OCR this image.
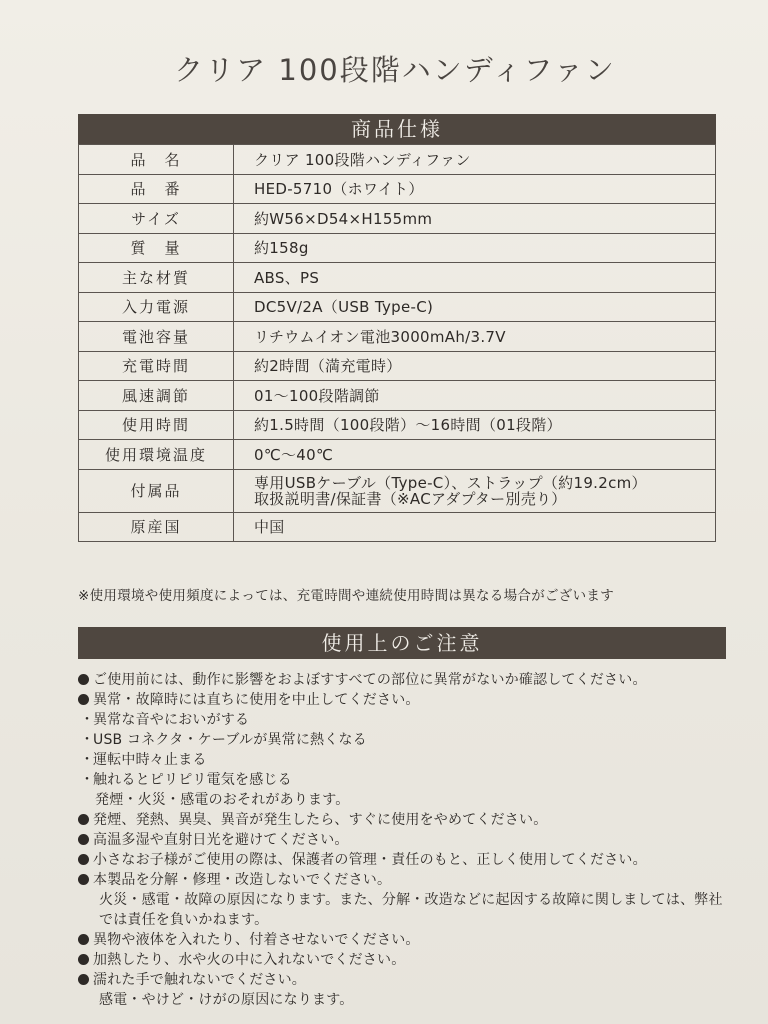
クリア 100段階ハンディファン
商品仕様
品　名	クリア 100段階ハンディファン
品　番	HED-5710（ホワイト）
サイズ	約W56×D54×H155mm
質　量	約158g
主な材質	ABS、PS
入力電源	DC5V/2A（USB Type-C)
電池容量	リチウムイオン電池3000mAh/3.7V
充電時間	約2時間（満充電時）
風速調節	01〜100段階調節
使用時間	約1.5時間（100段階）〜16時間（01段階）
使用環境温度	0℃〜40℃
付属品	専用USBケーブル（Type-C）、ストラップ（約19.2cm）
取扱説明書/保証書（※ACアダプター別売り）

原産国	中国
※使用環境や使用頻度によっては、充電時間や連続使用時間は異なる場合がございます
使用上のご注意
ご使用前には、動作に影響をおよぼすすべての部位に異常がないか確認してください。
異常・故障時には直ちに使用を中止してください。
・
異常な音やにおいがする
・
USB コネクタ・ケーブルが異常に熱くなる
・
運転中時々止まる
・
触れるとピリピリ電気を感じる
発煙・火災・感電のおそれがあります。
発煙、発熱、異臭、異音が発生したら、すぐに使用をやめてください。
高温多湿や直射日光を避けてください。
小さなお子様がご使用の際は、保護者の管理・責任のもと、正しく使用してください。
本製品を分解・修理・改造しないでください。
火災・感電・故障の原因になります。また、分解・改造などに起因する故障に関しましては、弊社
では責任を負いかねます。
異物や液体を入れたり、付着させないでください。
加熱したり、水や火の中に入れないでください。
濡れた手で触れないでください。
感電・やけど・けがの原因になります。
